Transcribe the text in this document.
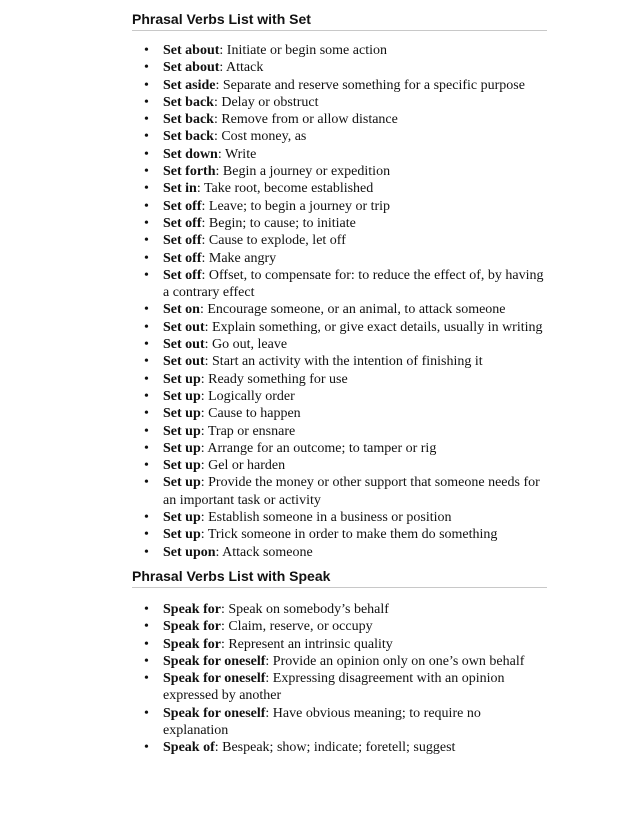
Phrasal Verbs List with Set
• Set about: Initiate or begin some action
• Set about: Attack
• Set aside: Separate and reserve something for a specific purpose
• Set back: Delay or obstruct
• Set back: Remove from or allow distance
• Set back: Cost money, as
• Set down: Write
• Set forth: Begin a journey or expedition
• Set in: Take root, become established
• Set off: Leave; to begin a journey or trip
• Set off: Begin; to cause; to initiate
• Set off: Cause to explode, let off
• Set off: Make angry
• Set off: Offset, to compensate for: to reduce the effect of, by having a contrary effect
• Set on: Encourage someone, or an animal, to attack someone
• Set out: Explain something, or give exact details, usually in writing
• Set out: Go out, leave
• Set out: Start an activity with the intention of finishing it
• Set up: Ready something for use
• Set up: Logically order
• Set up: Cause to happen
• Set up: Trap or ensnare
• Set up: Arrange for an outcome; to tamper or rig
• Set up: Gel or harden
• Set up: Provide the money or other support that someone needs for an important task or activity
• Set up: Establish someone in a business or position
• Set up: Trick someone in order to make them do something
• Set upon: Attack someone
Phrasal Verbs List with Speak
• Speak for: Speak on somebody’s behalf
• Speak for: Claim, reserve, or occupy
• Speak for: Represent an intrinsic quality
• Speak for oneself: Provide an opinion only on one’s own behalf
• Speak for oneself: Expressing disagreement with an opinion expressed by another
• Speak for oneself: Have obvious meaning; to require no explanation
• Speak of: Bespeak; show; indicate; foretell; suggest
